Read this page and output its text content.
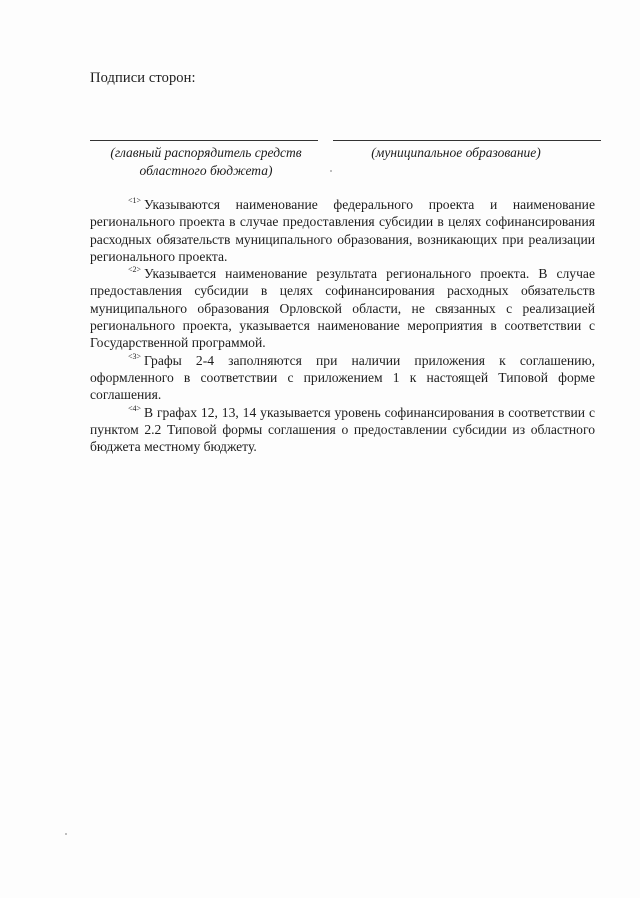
Подписи сторон:
(главный распорядитель средств областного бюджета)
(муниципальное образование)

$^{<1>}$ Указываются наименование федерального проекта и наименование регионального проекта в случае предоставления субсидии в целях софинансирования расходных обязательств муниципального образования, возникающих при реализации регионального проекта.

$^{<2>}$ Указывается наименование результата регионального проекта. В случае предоставления субсидии в целях софинансирования расходных обязательств муниципального образования Орловской области, не связанных с реализацией регионального проекта, указывается наименование мероприятия в соответствии с Государственной программой.

$^{<3>}$ Графы 2-4 заполняются при наличии приложения к соглашению, оформленного в соответствии с приложением 1 к настоящей Типовой форме соглашения.

$^{<4>}$ В графах 12, 13, 14 указывается уровень софинансирования в соответствии с пунктом 2.2 Типовой формы соглашения о предоставлении субсидии из областного бюджета местному бюджету.
